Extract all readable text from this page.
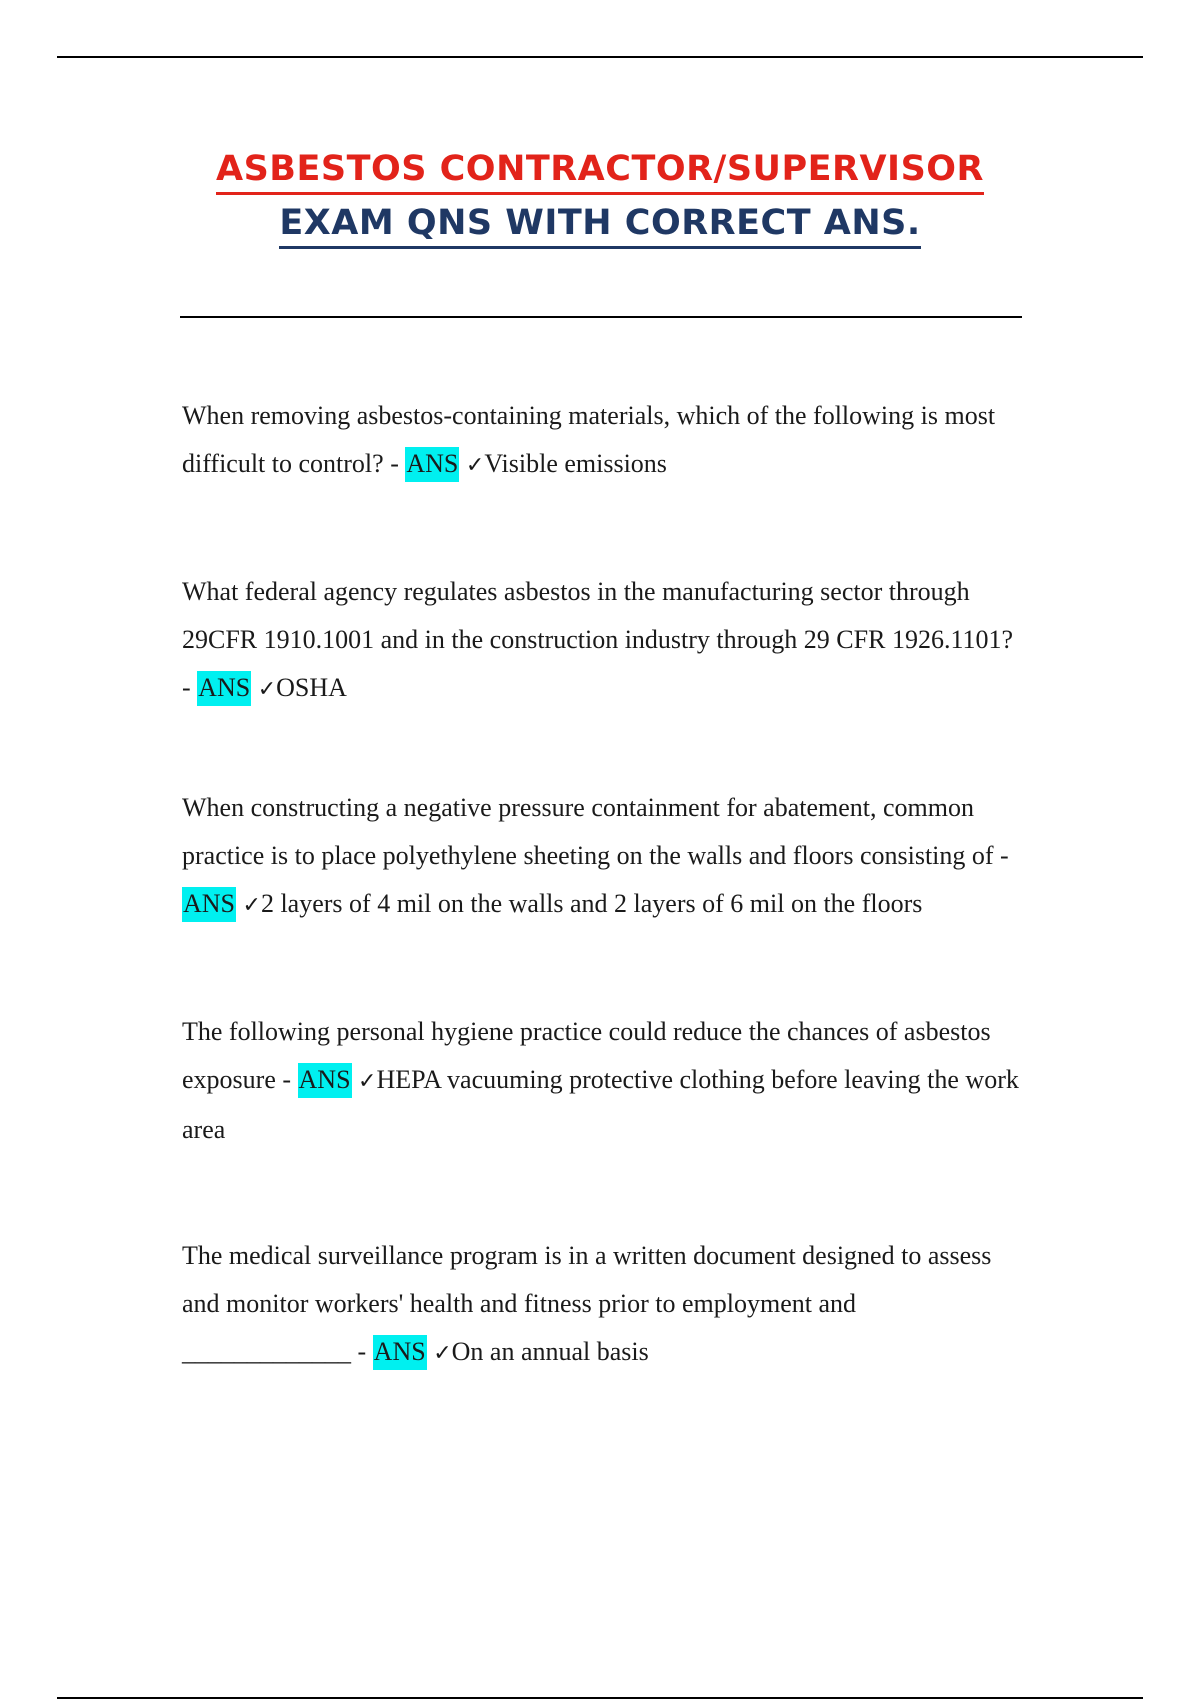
ASBESTOS CONTRACTOR/SUPERVISOR
EXAM QNS WITH CORRECT ANS.
When removing asbestos-containing materials, which of the following is most difficult to control? - ANS ✓Visible emissions
What federal agency regulates asbestos in the manufacturing sector through 29CFR 1910.1001 and in the construction industry through 29 CFR 1926.1101? - ANS ✓OSHA
When constructing a negative pressure containment for abatement, common practice is to place polyethylene sheeting on the walls and floors consisting of - ANS ✓2 layers of 4 mil on the walls and 2 layers of 6 mil on the floors
The following personal hygiene practice could reduce the chances of asbestos exposure - ANS ✓HEPA vacuuming protective clothing before leaving the work area
The medical surveillance program is in a written document designed to assess and monitor workers' health and fitness prior to employment and _____________ - ANS ✓On an annual basis
